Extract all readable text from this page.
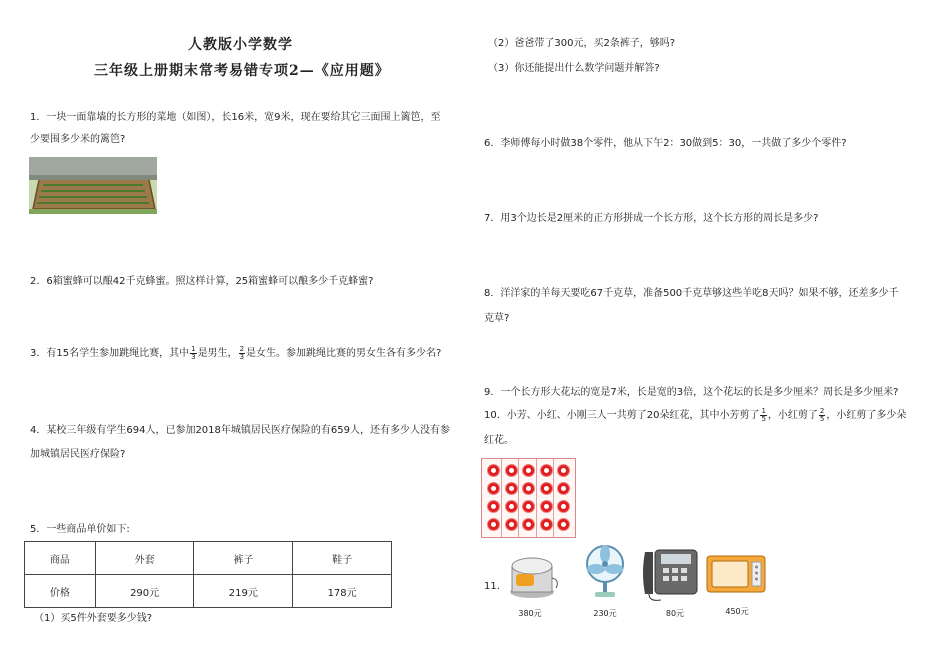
人教版小学数学
三年级上册期末常考易错专项2—《应用题》
1．一块一面靠墙的长方形的菜地（如图），长16米，宽9米，现在要给其它三面围上篱笆，至
少要围多少米的篱笆?
2．6箱蜜蜂可以酿42千克蜂蜜。照这样计算，25箱蜜蜂可以酿多少千克蜂蜜?
3．有15名学生参加跳绳比赛，其中 $\frac{1}{3}$ 是男生， $\frac{2}{3}$ 是女生。参加跳绳比赛的男女生各有多少名?
4．某校三年级有学生694人，已参加2018年城镇居民医疗保险的有659人，还有多少人没有参
加城镇居民医疗保险?
5．一些商品单价如下:
商品	外套	裤子	鞋子
价格	290元	219元	178元
（1）买5件外套要多少钱?
（2）爸爸带了300元，买2条裤子，够吗?
（3）你还能提出什么数学问题并解答?
6．李师傅每小时做38个零件，他从下午2：30做到5：30，一共做了多少个零件?
7．用3个边长是2厘米的正方形拼成一个长方形，这个长方形的周长是多少?
8．洋洋家的羊每天要吃67千克草，准备500千克草够这些羊吃8天吗？如果不够，还差多少千
克草?
9．一个长方形大花坛的宽是7米，长是宽的3倍，这个花坛的长是多少厘米？周长是多少厘米?
10．小芳、小红、小刚三人一共剪了20朵红花，其中小芳剪了 $\frac{1}{5}$ ，小红剪了 $\frac{2}{5}$ ，小红剪了多少朵
红花。
11．
380元	230元	80元	450元
